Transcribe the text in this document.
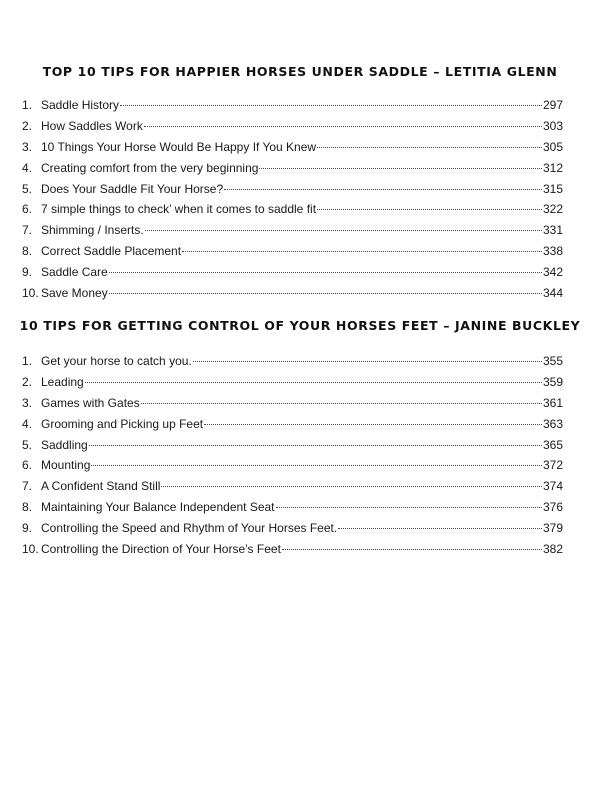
TOP 10 TIPS FOR HAPPIER HORSES UNDER SADDLE – LETITIA GLENN
1. Saddle History	297
2. How Saddles Work	303
3. 10 Things Your Horse Would Be Happy If You Knew	305
4. Creating comfort from the very beginning	312
5. Does Your Saddle Fit Your Horse?	315
6. 7 simple things to check’ when it comes to saddle fit	322
7. Shimming / Inserts.	331
8. Correct Saddle Placement	338
9. Saddle Care	342
10. Save Money	344
10 TIPS FOR GETTING CONTROL OF YOUR HORSES FEET – JANINE BUCKLEY
1. Get your horse to catch you.	355
2. Leading	359
3. Games with Gates	361
4. Grooming and Picking up Feet	363
5. Saddling	365
6. Mounting	372
7. A Confident Stand Still	374
8. Maintaining Your Balance Independent Seat	376
9. Controlling the Speed and Rhythm of Your Horses Feet.	379
10. Controlling the Direction of Your Horse’s Feet	382
